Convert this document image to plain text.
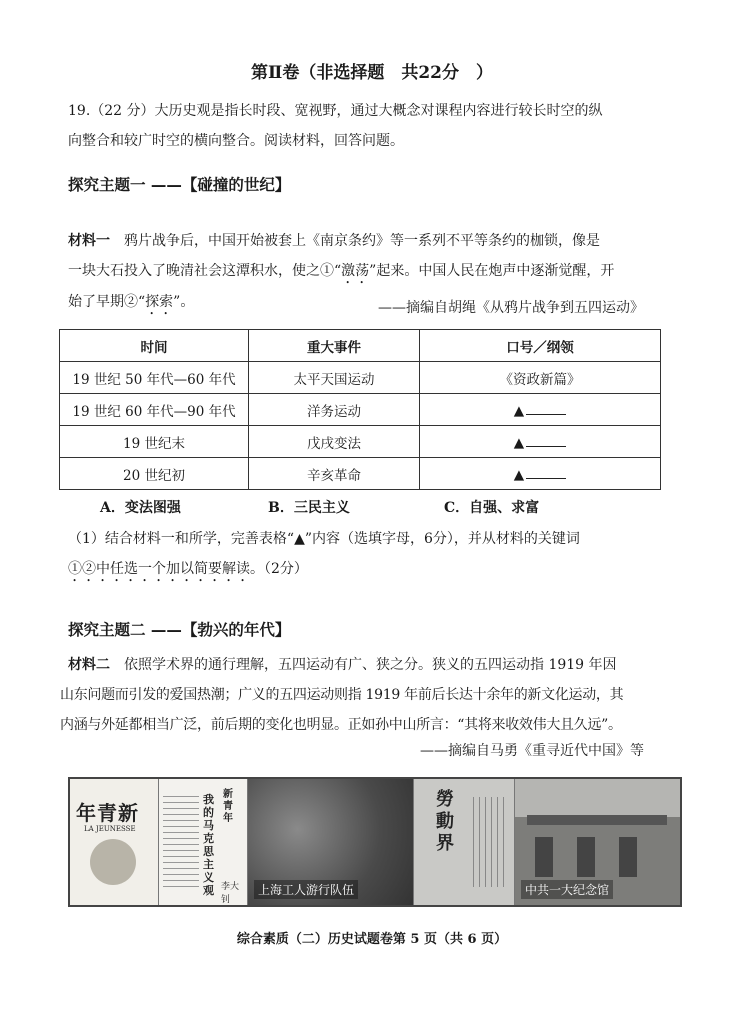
第Ⅱ卷（非选择题　共22分　）
19.（22 分）大历史观是指长时段、宽视野，通过大概念对课程内容进行较长时空的纵
向整合和较广时空的横向整合。阅读材料，回答问题。
探究主题一 ——【碰撞的世纪】
材料一　鸦片战争后，中国开始被套上《南京条约》等一系列不平等条约的枷锁，像是
一块大石投入了晚清社会这潭积水，使之①“激荡”起来。中国人民在炮声中逐渐觉醒，开
始了早期②“探索”。	——摘编自胡绳《从鸦片战争到五四运动》
时间	重大事件	口号／纲领
19 世纪 50 年代—60 年代	太平天国运动	《资政新篇》
19 世纪 60 年代—90 年代	洋务运动	▲
19 世纪末	戊戌变法	▲
20 世纪初	辛亥革命	▲
A．变法图强	B．三民主义	C．自强、求富
（1）结合材料一和所学，完善表格“▲”内容（选填字母，6分），并从材料的关键词
①②中任选一个加以简要解读。（2分）
探究主题二 ——【勃兴的年代】
材料二　依照学术界的通行理解，五四运动有广、狭之分。狭义的五四运动指 1919 年因
山东问题而引发的爱国热潮；广义的五四运动则指 1919 年前后长达十余年的新文化运动，其
内涵与外延都相当广泛，前后期的变化也明显。正如孙中山所言：“其将来收效伟大且久远”。
——摘编自马勇《重寻近代中国》等
年青新
LA JEUNESSE
我的马克思主义观
新青年
李大钊
上海工人游行队伍
勞動界
中共一大纪念馆
综合素质（二）历史试题卷第 5 页（共 6 页）
